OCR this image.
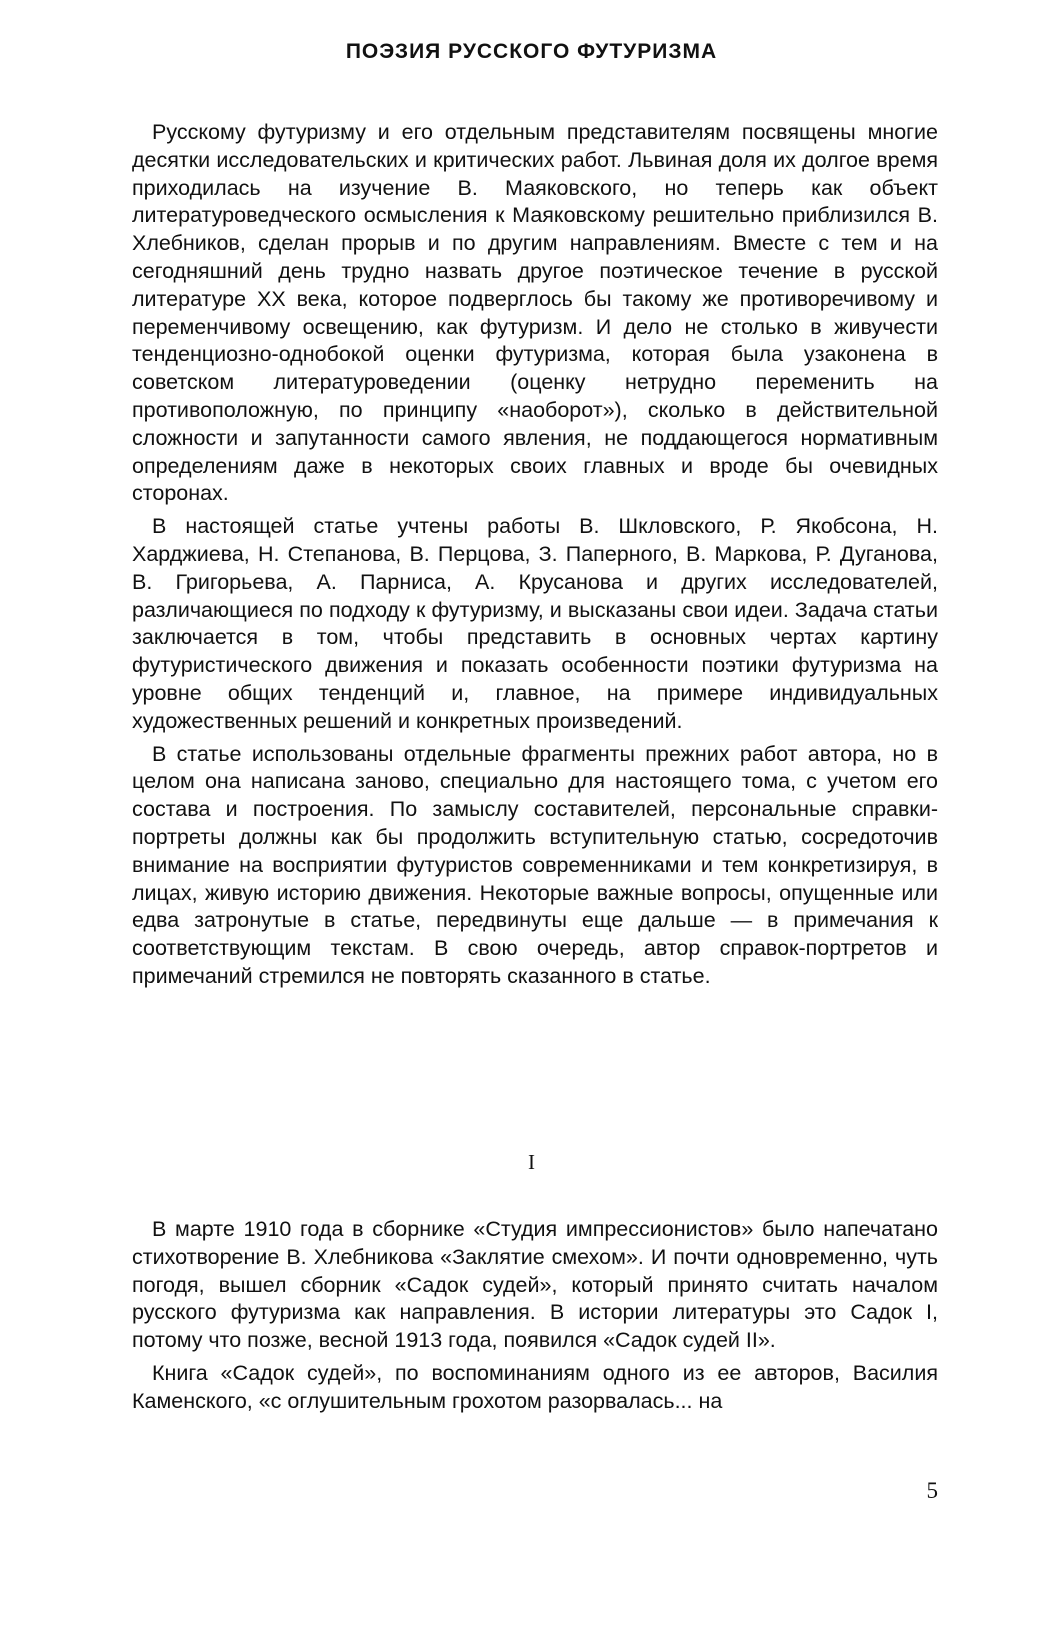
ПОЭЗИЯ РУССКОГО ФУТУРИЗМА

Русскому футуризму и его отдельным представителям посвящены многие десятки исследовательских и критических работ. Львиная доля их долгое время приходилась на изучение В. Маяковского, но теперь как объект литературоведческого осмысления к Маяковскому решительно приблизился В. Хлебников, сделан прорыв и по другим направлениям. Вместе с тем и на сегодняшний день трудно назвать другое поэтическое течение в русской литературе XX века, которое подверглось бы такому же противоречивому и переменчивому освещению, как футуризм. И дело не столько в живучести тенденциозно-однобокой оценки футуризма, которая была узаконена в советском литературоведении (оценку нетрудно переменить на противоположную, по принципу «наоборот»), сколько в действительной сложности и запутанности самого явления, не поддающегося нормативным определениям даже в некоторых своих главных и вроде бы очевидных сторонах.

В настоящей статье учтены работы В. Шкловского, Р. Якобсона, Н. Харджиева, Н. Степанова, В. Перцова, З. Паперного, В. Маркова, Р. Дуганова, В. Григорьева, А. Парниса, А. Крусанова и других исследователей, различающиеся по подходу к футуризму, и высказаны свои идеи. Задача статьи заключается в том, чтобы представить в основных чертах картину футуристического движения и показать особенности поэтики футуризма на уровне общих тенденций и, главное, на примере индивидуальных художественных решений и конкретных произведений.

В статье использованы отдельные фрагменты прежних работ автора, но в целом она написана заново, специально для настоящего тома, с учетом его состава и построения. По замыслу составителей, персональные справки-портреты должны как бы продолжить вступительную статью, сосредоточив внимание на восприятии футуристов современниками и тем конкретизируя, в лицах, живую историю движения. Некоторые важные вопросы, опущенные или едва затронутые в статье, передвинуты еще дальше — в примечания к соответствующим текстам. В свою очередь, автор справок-портретов и примечаний стремился не повторять сказанного в статье.

I

В марте 1910 года в сборнике «Студия импрессионистов» было напечатано стихотворение В. Хлебникова «Заклятие смехом». И почти одновременно, чуть погодя, вышел сборник «Садок судей», который принято считать началом русского футуризма как направления. В истории литературы это Садок I, потому что позже, весной 1913 года, появился «Садок судей II».

Книга «Садок судей», по воспоминаниям одного из ее авторов, Василия Каменского, «с оглушительным грохотом разорвалась... на

5
